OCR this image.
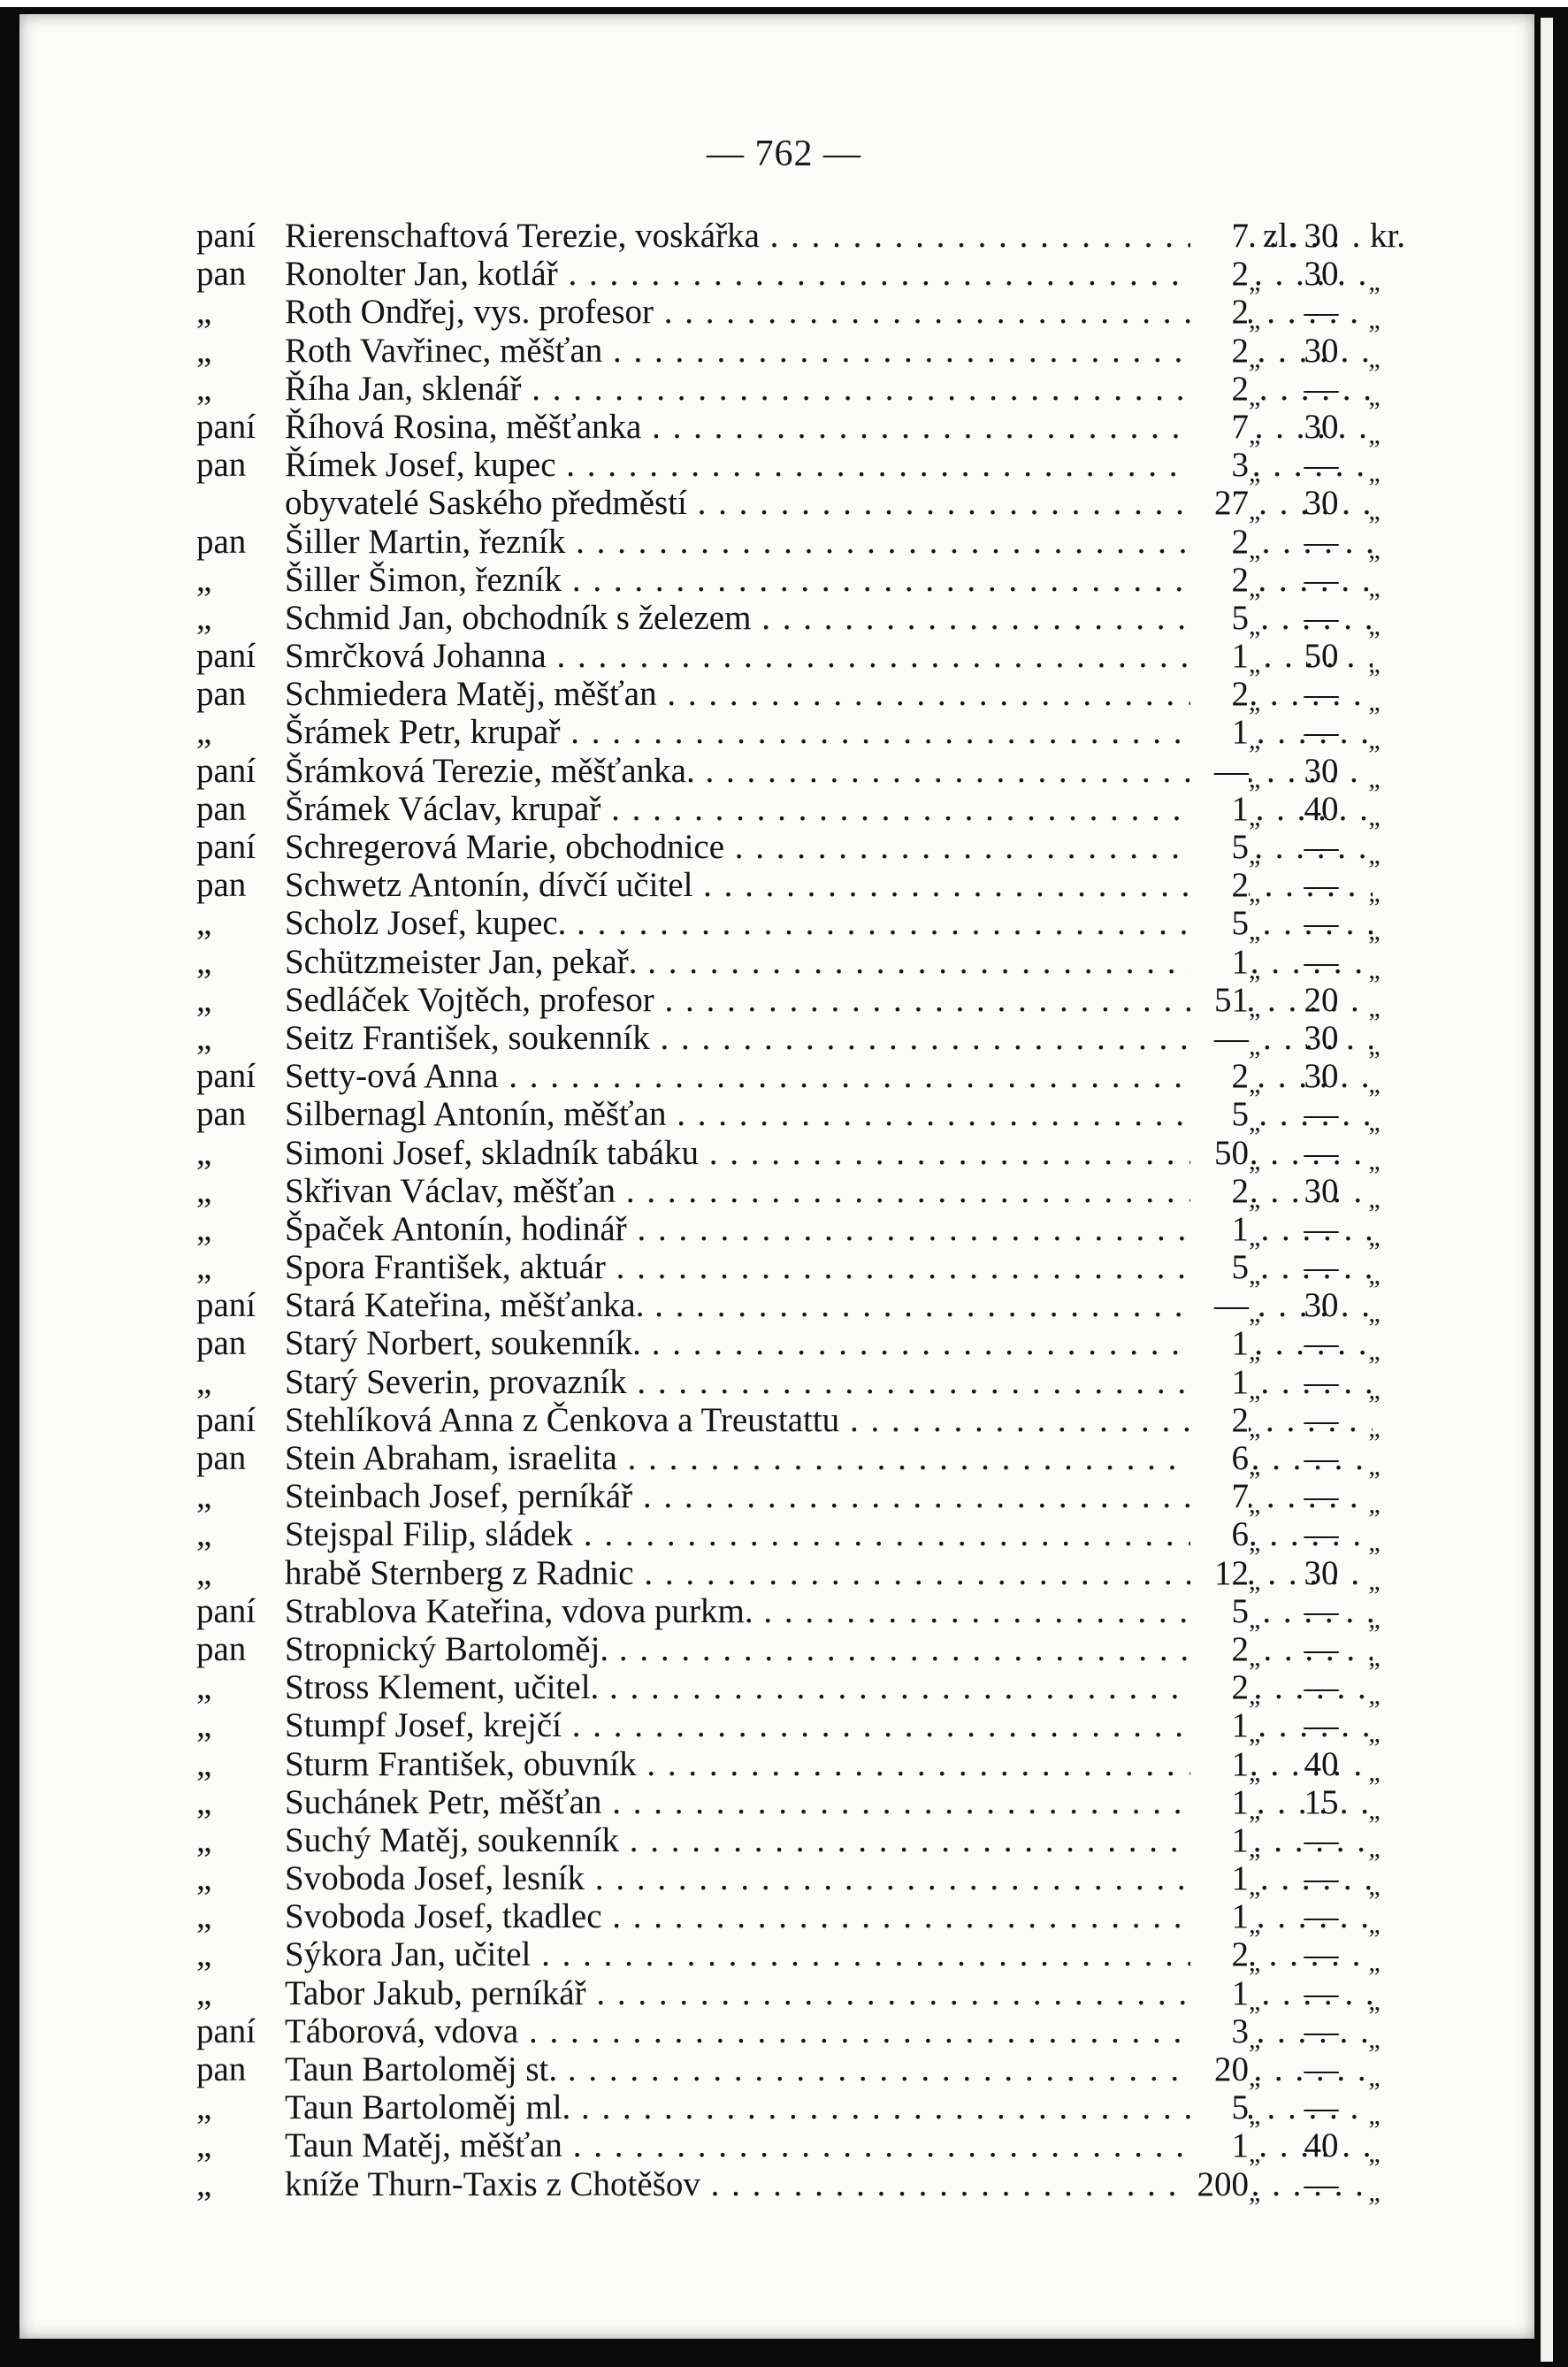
— 762 —
paní Rierenschaftová Terezie, voskářka . . .	7 zl. 30 kr.
pan	Ronolter Jan, kotlář . . .	2 „	30	„
„	Roth Ondřej, vys. profesor . . .	2 „	—	„
„	Roth Vavřinec, měšťan . . .	2 „	30	„
„	Říha Jan, sklenář . . .	2 „	—	„
paní Říhová Rosina, měšťanka . . .	7 „	30	„
pan	Římek Josef, kupec . . .	3 „	—	„
obyvatelé Saského předměstí . . .	27 „	30	„
pan	Šiller Martin, řezník . . .	2 „	—	„
„	Šiller Šimon, řezník . . .	2 „	—	„
„	Schmid Jan, obchodník s železem . . .	5 „	—	„
paní Smrčková Johanna . . .	1 „	50	„
pan	Schmiedera Matěj, měšťan . . .	2 „	—	„
„	Šrámek Petr, krupař . . .	1 „	—	„
paní Šrámková Terezie, měšťanka. . . .	— „	30	„
pan	Šrámek Václav, krupař . . .	1 „	40	„
paní Schregerová Marie, obchodnice . . .	5 „	—	„
pan	Schwetz Antonín, dívčí učitel . . .	2 „	—	„
„	Scholz Josef, kupec. . . .	5 „	—	„
„	Schützmeister Jan, pekař. . . .	1 „	—	„
„	Sedláček Vojtěch, profesor . . .	51 „	20	„
„	Seitz František, soukenník . . .	— „	30	„
paní Setty-ová Anna . . .	2 „	30	„
pan	Silbernagl Antonín, měšťan . . .	5 „	—	„
„	Simoni Josef, skladník tabáku . . .	50 „	—	„
„	Skřivan Václav, měšťan . . .	2 „	30	„
„	Špaček Antonín, hodinář . . .	1 „	—	„
„	Spora František, aktuár . . .	5 „	—	„
paní Stará Kateřina, měšťanka. . . .	— „	30	„
pan	Starý Norbert, soukenník. . . .	1 „	—	„
„	Starý Severin, provazník . . .	1 „	—	„
paní Stehlíková Anna z Čenkova a Treustattu . . .	2 „	—	„
pan	Stein Abraham, israelita . . .	6 „	—	„
„	Steinbach Josef, perníkář . . .	7 „	—	„
„	Stejspal Filip, sládek . . .	6 „	—	„
„	hrabě Sternberg z Radnic . . .	12 „	30	„
paní Strablova Kateřina, vdova purkm. . . .	5 „	—	„
pan	Stropnický Bartoloměj. . . .	2 „	—	„
„	Stross Klement, učitel. . . .	2 „	—	„
„	Stumpf Josef, krejčí . . .	1 „	—	„
„	Sturm František, obuvník . . .	1 „	40	„
„	Suchánek Petr, měšťan . . .	1 „	15	„
„	Suchý Matěj, soukenník . . .	1 „	—	„
„	Svoboda Josef, lesník . . .	1 „	—	„
„	Svoboda Josef, tkadlec . . .	1 „	—	„
„	Sýkora Jan, učitel . . .	2 „	—	„
„	Tabor Jakub, perníkář . . .	1 „	—	„
paní Táborová, vdova . . .	3 „	—	„
pan	Taun Bartoloměj st. . . .	20 „	—	„
„	Taun Bartoloměj ml. . . .	5 „	—	„
„	Taun Matěj, měšťan . . .	1 „	40	„
„	kníže Thurn-Taxis z Chotěšov . . .	200 „	—	„
